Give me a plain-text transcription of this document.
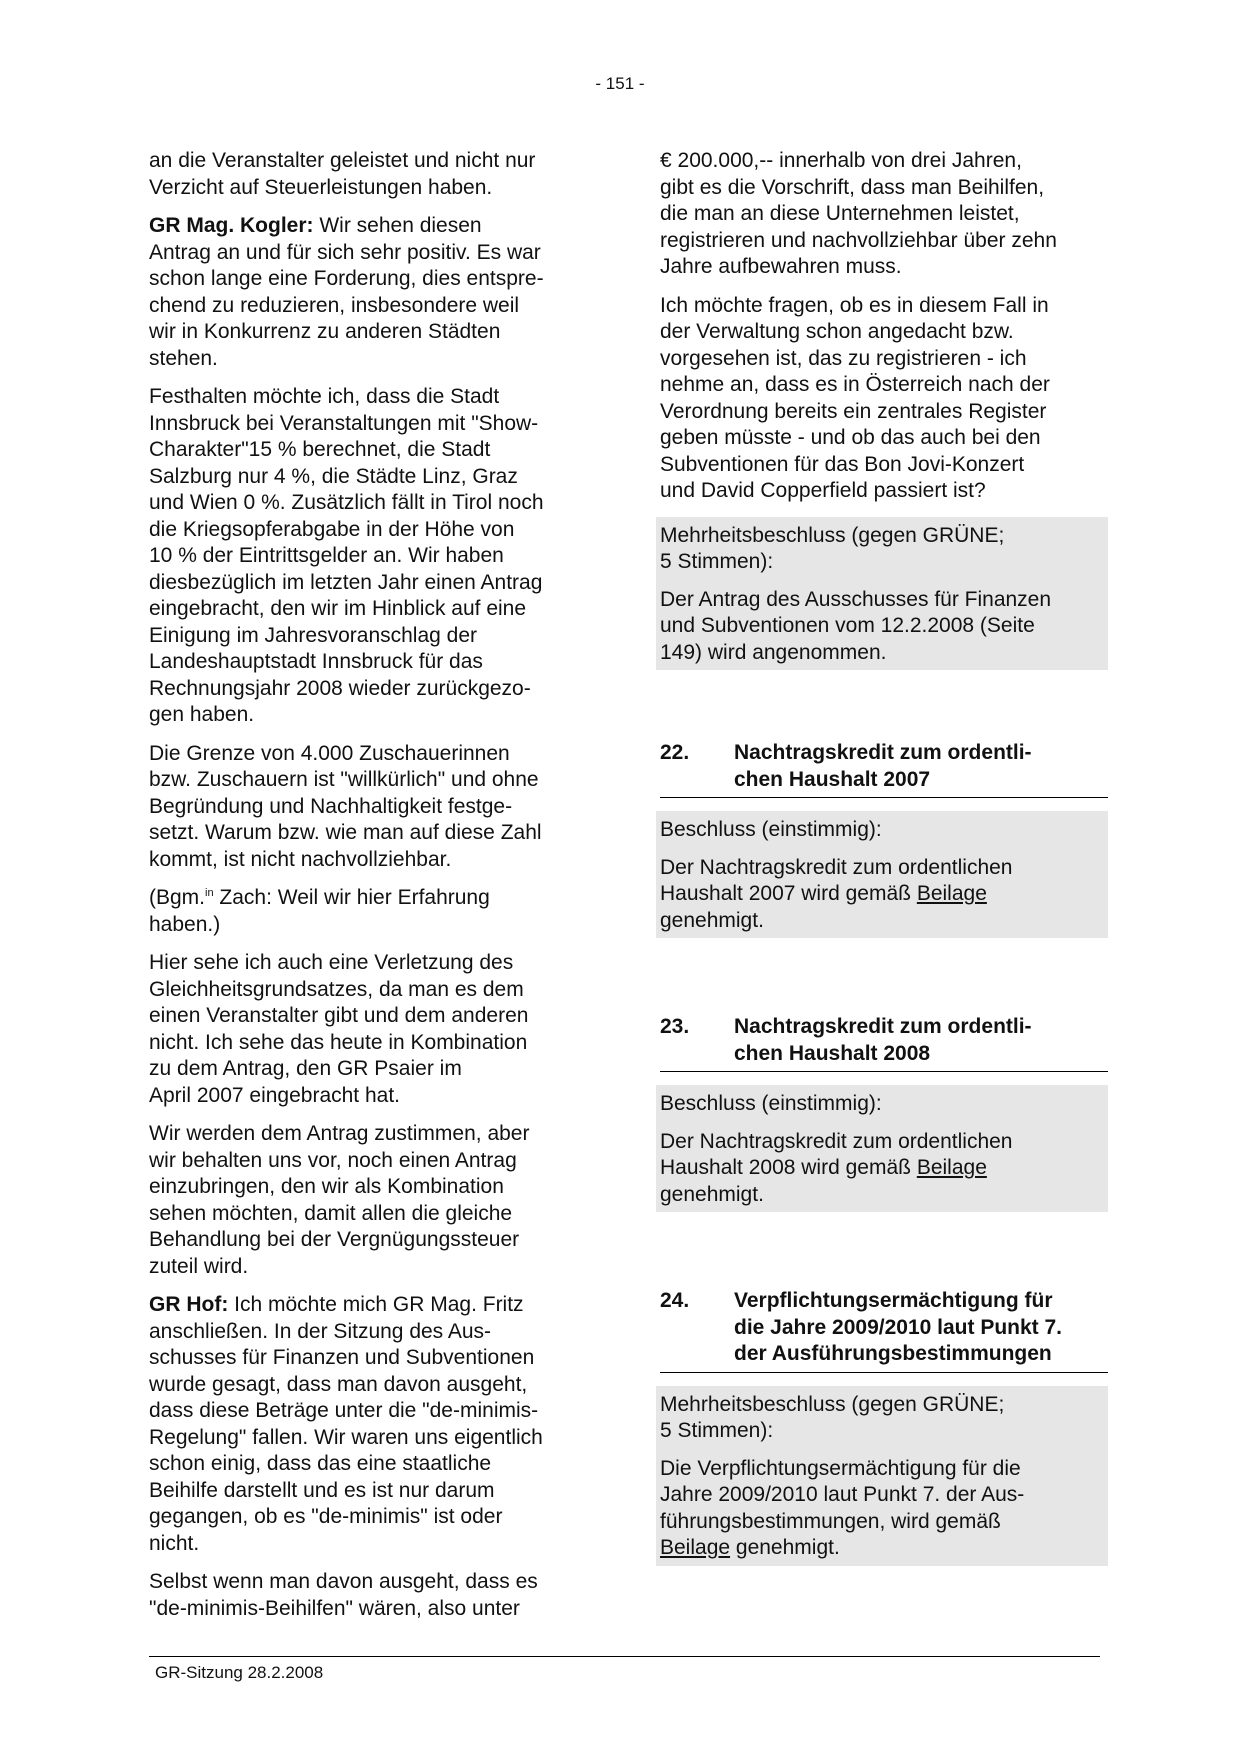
- 151 -

an die Veranstalter geleistet und nicht nur
Verzicht auf Steuerleistungen haben.

GR Mag. Kogler: Wir sehen diesen
Antrag an und für sich sehr positiv. Es war
schon lange eine Forderung, dies entspre-
chend zu reduzieren, insbesondere weil
wir in Konkurrenz zu anderen Städten
stehen.

Festhalten möchte ich, dass die Stadt
Innsbruck bei Veranstaltungen mit "Show-
Charakter"15 % berechnet, die Stadt
Salzburg nur 4 %, die Städte Linz, Graz
und Wien 0 %. Zusätzlich fällt in Tirol noch
die Kriegsopferabgabe in der Höhe von
10 % der Eintrittsgelder an. Wir haben
diesbezüglich im letzten Jahr einen Antrag
eingebracht, den wir im Hinblick auf eine
Einigung im Jahresvoranschlag der
Landeshauptstadt Innsbruck für das
Rechnungsjahr 2008 wieder zurückgezo-
gen haben.

Die Grenze von 4.000 Zuschauerinnen
bzw. Zuschauern ist "willkürlich" und ohne
Begründung und Nachhaltigkeit festge-
setzt. Warum bzw. wie man auf diese Zahl
kommt, ist nicht nachvollziehbar.

(Bgm.$^{in}$ Zach: Weil wir hier Erfahrung
haben.)

Hier sehe ich auch eine Verletzung des
Gleichheitsgrundsatzes, da man es dem
einen Veranstalter gibt und dem anderen
nicht. Ich sehe das heute in Kombination
zu dem Antrag, den GR Psaier im
April 2007 eingebracht hat.

Wir werden dem Antrag zustimmen, aber
wir behalten uns vor, noch einen Antrag
einzubringen, den wir als Kombination
sehen möchten, damit allen die gleiche
Behandlung bei der Vergnügungssteuer
zuteil wird.

GR Hof: Ich möchte mich GR Mag. Fritz
anschließen. In der Sitzung des Aus-
schusses für Finanzen und Subventionen
wurde gesagt, dass man davon ausgeht,
dass diese Beträge unter die "de-minimis-
Regelung" fallen. Wir waren uns eigentlich
schon einig, dass das eine staatliche
Beihilfe darstellt und es ist nur darum
gegangen, ob es "de-minimis" ist oder
nicht.

Selbst wenn man davon ausgeht, dass es
"de-minimis-Beihilfen" wären, also unter

€ 200.000,-- innerhalb von drei Jahren,
gibt es die Vorschrift, dass man Beihilfen,
die man an diese Unternehmen leistet,
registrieren und nachvollziehbar über zehn
Jahre aufbewahren muss.

Ich möchte fragen, ob es in diesem Fall in
der Verwaltung schon angedacht bzw.
vorgesehen ist, das zu registrieren - ich
nehme an, dass es in Österreich nach der
Verordnung bereits ein zentrales Register
geben müsste - und ob das auch bei den
Subventionen für das Bon Jovi-Konzert
und David Copperfield passiert ist?

Mehrheitsbeschluss (gegen GRÜNE;
5 Stimmen):

Der Antrag des Ausschusses für Finanzen
und Subventionen vom 12.2.2008 (Seite
149) wird angenommen.

22.	Nachtragskredit zum ordentli-
chen Haushalt 2007

Beschluss (einstimmig):

Der Nachtragskredit zum ordentlichen
Haushalt 2007 wird gemäß Beilage
genehmigt.

23.	Nachtragskredit zum ordentli-
chen Haushalt 2008

Beschluss (einstimmig):

Der Nachtragskredit zum ordentlichen
Haushalt 2008 wird gemäß Beilage
genehmigt.

24.	Verpflichtungsermächtigung für
die Jahre 2009/2010 laut Punkt 7.
der Ausführungsbestimmungen

Mehrheitsbeschluss (gegen GRÜNE;
5 Stimmen):

Die Verpflichtungsermächtigung für die
Jahre 2009/2010 laut Punkt 7. der Aus-
führungsbestimmungen, wird gemäß
Beilage genehmigt.

GR-Sitzung 28.2.2008
